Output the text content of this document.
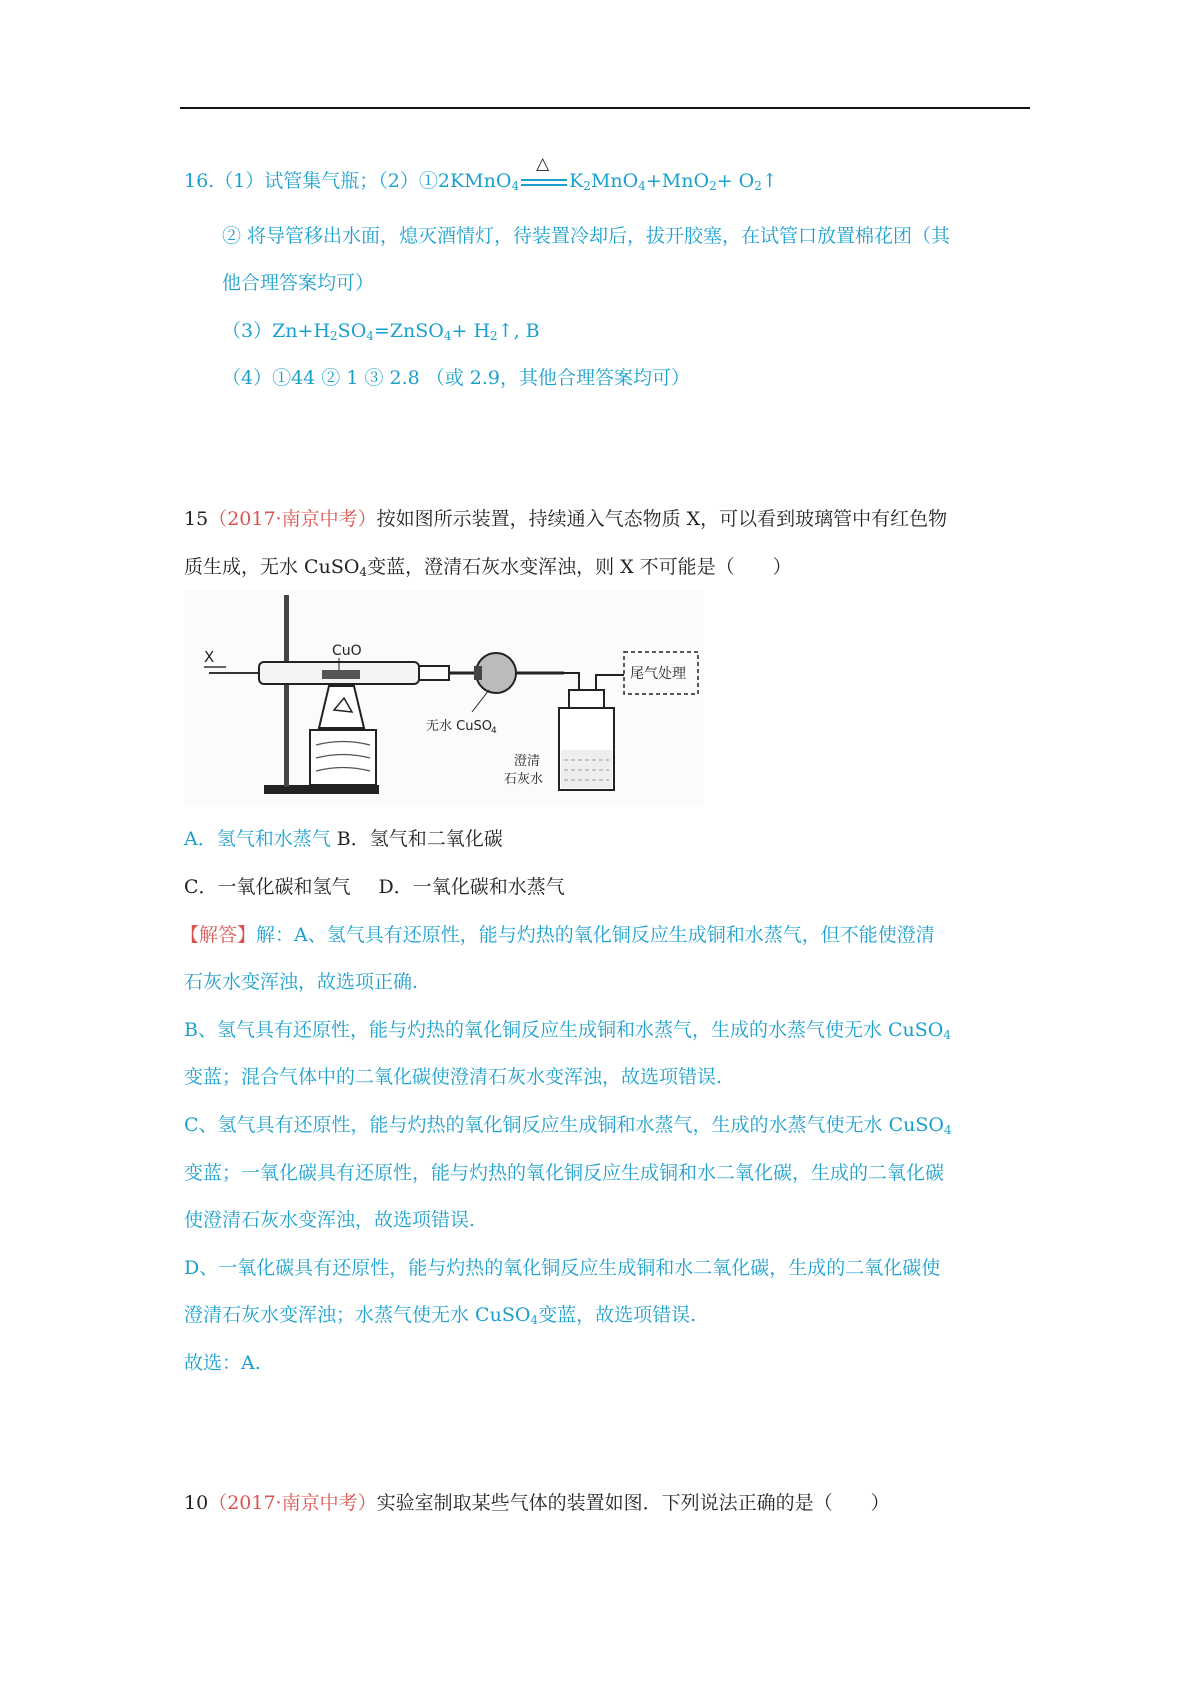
16.（1）试管集气瓶；（2）①2KMnO$_4$
△
$K_2MnO_4+MnO_2+$ $O_2↑$
② 将导管移出水面，熄灭酒情灯，待装置冷却后，拔开胶塞，在试管口放置棉花团（其
他合理答案均可）
$(3)Zn+H_2SO_4=ZnSO_4+$ $H_2↑$, B
（4）①44 ② 1 ③ 2.8 （或 2.9，其他合理答案均可）
15（2017·南京中考）按如图所示装置，持续通入气态物质 X，可以看到玻璃管中有红色物
质生成，无水 CuSO$_4$变蓝，澄清石灰水变浑浊，则 X 不可能是（　　）
X	CuO
无水 CuSO 4
澄清
石灰水
尾气处理
A．氢气和水蒸气 B．氢气和二氧化碳
C．一氧化碳和氢气 D．一氧化碳和水蒸气
【解答】解：A、氢气具有还原性，能与灼热的氧化铜反应生成铜和水蒸气，但不能使澄清
石灰水变浑浊，故选项正确.
B、氢气具有还原性，能与灼热的氧化铜反应生成铜和水蒸气，生成的水蒸气使无水 CuSO$_4$
变蓝；混合气体中的二氧化碳使澄清石灰水变浑浊，故选项错误.
C、氢气具有还原性，能与灼热的氧化铜反应生成铜和水蒸气，生成的水蒸气使无水 CuSO$_4$
变蓝；一氧化碳具有还原性，能与灼热的氧化铜反应生成铜和水二氧化碳，生成的二氧化碳
使澄清石灰水变浑浊，故选项错误.
D、一氧化碳具有还原性，能与灼热的氧化铜反应生成铜和水二氧化碳，生成的二氧化碳使
澄清石灰水变浑浊；水蒸气使无水 CuSO$_4$变蓝，故选项错误.
故选：A.
10（2017·南京中考）实验室制取某些气体的装置如图．下列说法正确的是（　　）
